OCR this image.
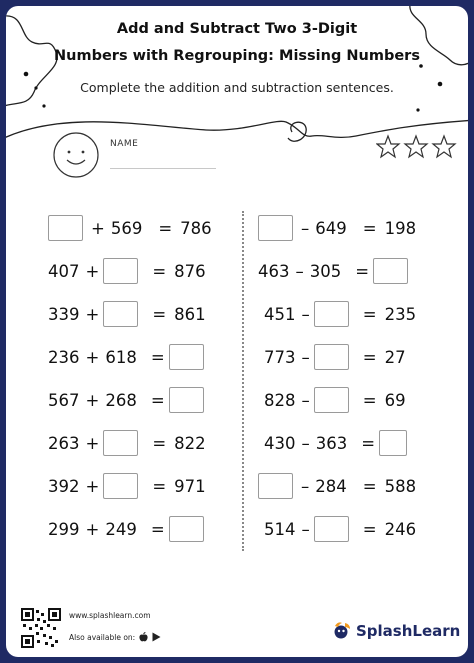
Add and Subtract Two 3-Digit
Numbers with Regrouping: Missing Numbers
Complete the addition and subtraction sentences.
NAME
+ 569 = 786
407 +	= 876
339 +	= 861
236 + 618 =
567 + 268 =
263 +	= 822
392 +	= 971
299 + 249 =
– 649 = 198
463 – 305 =
451 –	= 235
773 –	= 27
828 –	= 69
430 – 363 =
– 284 = 588
514 –	= 246
www.splashlearn.com
Also available on:	SplashLearn
